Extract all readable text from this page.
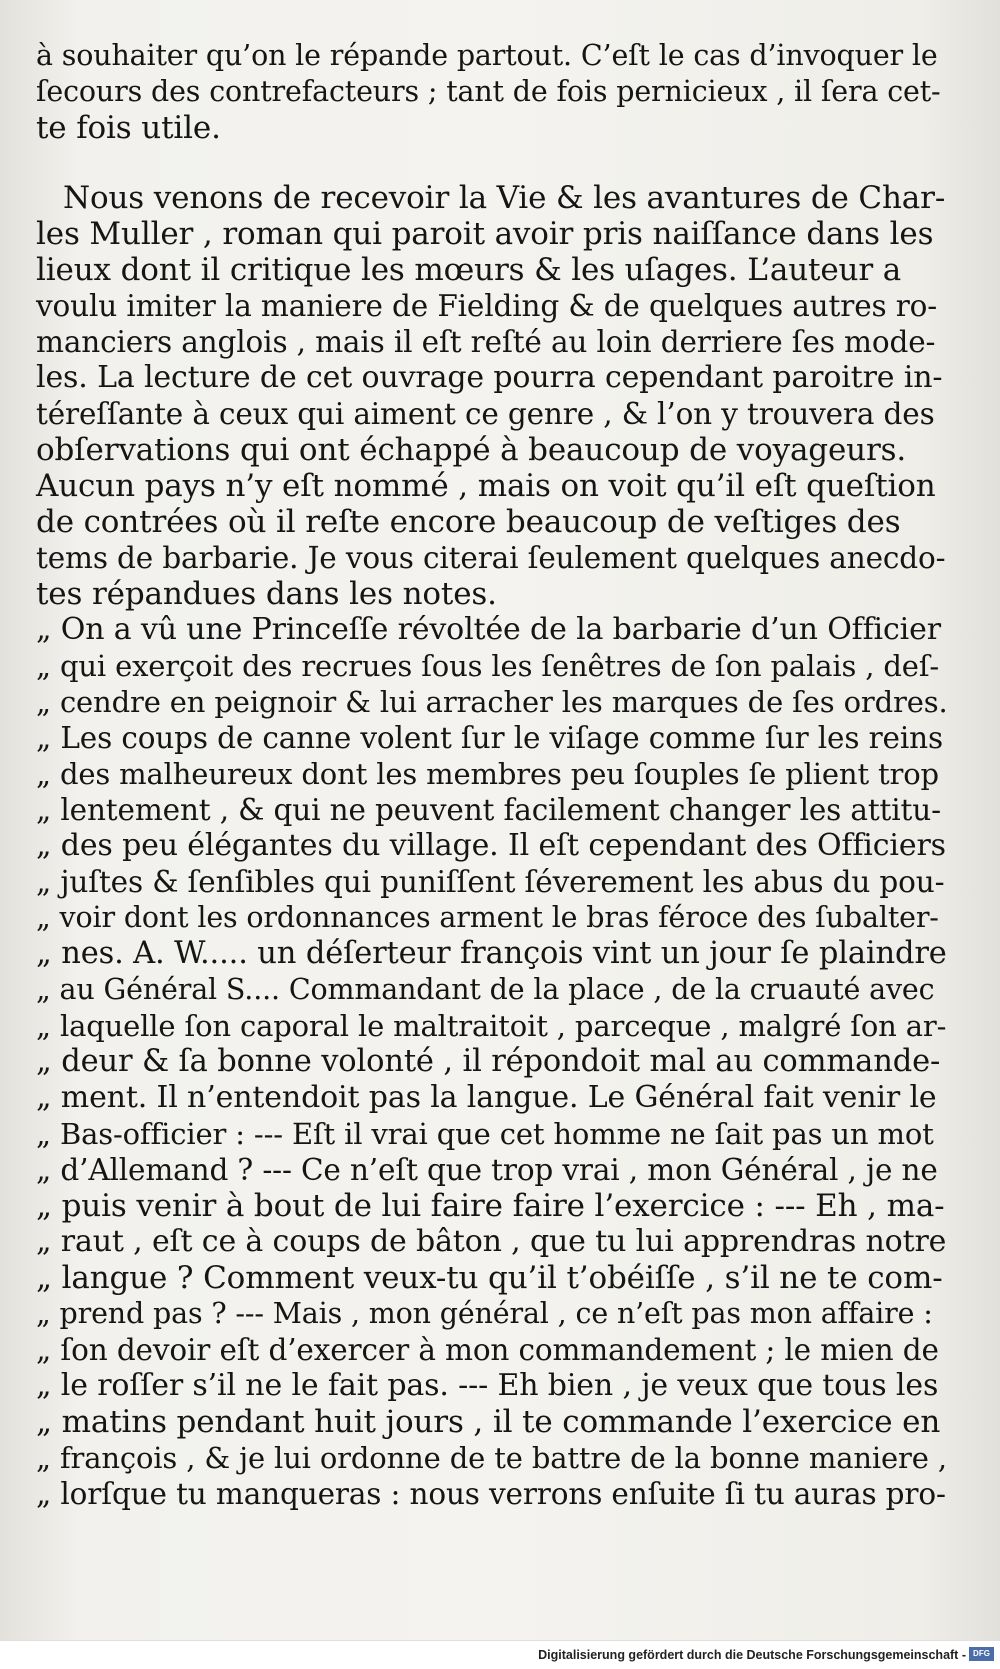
à souhaiter qu’on le répande partout. C’eſt le cas d’invoquer le
ſecours des contrefacteurs ; tant de fois pernicieux , il ſera cet-
te fois utile.
Nous venons de recevoir la Vie & les avantures de Char-
les Muller , roman qui paroit avoir pris naiſſance dans les
lieux dont il critique les mœurs & les uſages. L’auteur a
voulu imiter la maniere de Fielding & de quelques autres ro-
manciers anglois , mais il eſt reſté au loin derriere ſes mode-
les. La lecture de cet ouvrage pourra cependant paroitre in-
téreſſante à ceux qui aiment ce genre , & l’on y trouvera des
obſervations qui ont échappé à beaucoup de voyageurs.
Aucun pays n’y eſt nommé , mais on voit qu’il eſt queſtion
de contrées où il reſte encore beaucoup de veſtiges des
tems de barbarie. Je vous citerai ſeulement quelques anecdo-
tes répandues dans les notes.
„ On a vû une Princeſſe révoltée de la barbarie d’un Officier
„ qui exerçoit des recrues ſous les ſenêtres de ſon palais , deſ-
„ cendre en peignoir & lui arracher les marques de ſes ordres.
„ Les coups de canne volent ſur le viſage comme ſur les reins
„ des malheureux dont les membres peu ſouples ſe plient trop
„ lentement , & qui ne peuvent facilement changer les attitu-
„ des peu élégantes du village. Il eſt cependant des Officiers
„ juſtes & ſenſibles qui puniſſent ſéverement les abus du pou-
„ voir dont les ordonnances arment le bras féroce des ſubalter-
„ nes. A. W..... un déſerteur françois vint un jour ſe plaindre
„ au Général S.... Commandant de la place , de la cruauté avec
„ laquelle ſon caporal le maltraitoit , parceque , malgré ſon ar-
„ deur & ſa bonne volonté , il répondoit mal au commande-
„ ment. Il n’entendoit pas la langue. Le Général fait venir le
„ Bas-officier : --- Eſt il vrai que cet homme ne ſait pas un mot
„ d’Allemand ? --- Ce n’eſt que trop vrai , mon Général , je ne
„ puis venir à bout de lui faire faire l’exercice : --- Eh , ma-
„ raut , eſt ce à coups de bâton , que tu lui apprendras notre
„ langue ? Comment veux-tu qu’il t’obéiſſe , s’il ne te com-
„ prend pas ? --- Mais , mon général , ce n’eſt pas mon affaire :
„ ſon devoir eſt d’exercer à mon commandement ; le mien de
„ le roſſer s’il ne le fait pas. --- Eh bien , je veux que tous les
„ matins pendant huit jours , il te commande l’exercice en
„ françois , & je lui ordonne de te battre de la bonne maniere ,
„ lorſque tu manqueras : nous verrons enſuite ſi tu auras pro-
Digitalisierung gefördert durch die Deutsche Forschungsgemeinschaft - DFG
